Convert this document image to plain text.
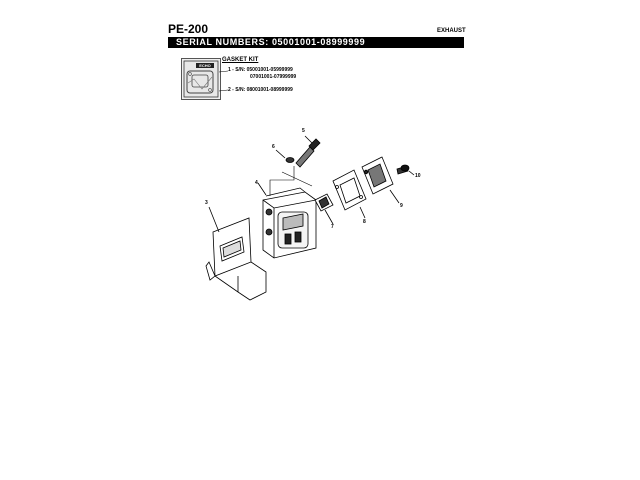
PE-200	EXHAUST
SERIAL NUMBERS: 05001001-08999999
ECHO
GASKET KIT
1 - S/N: 05001001-05999999
07001001-07999999
2 - S/N: 08001001-08999999
3
4
5
6
7
8
9
10
